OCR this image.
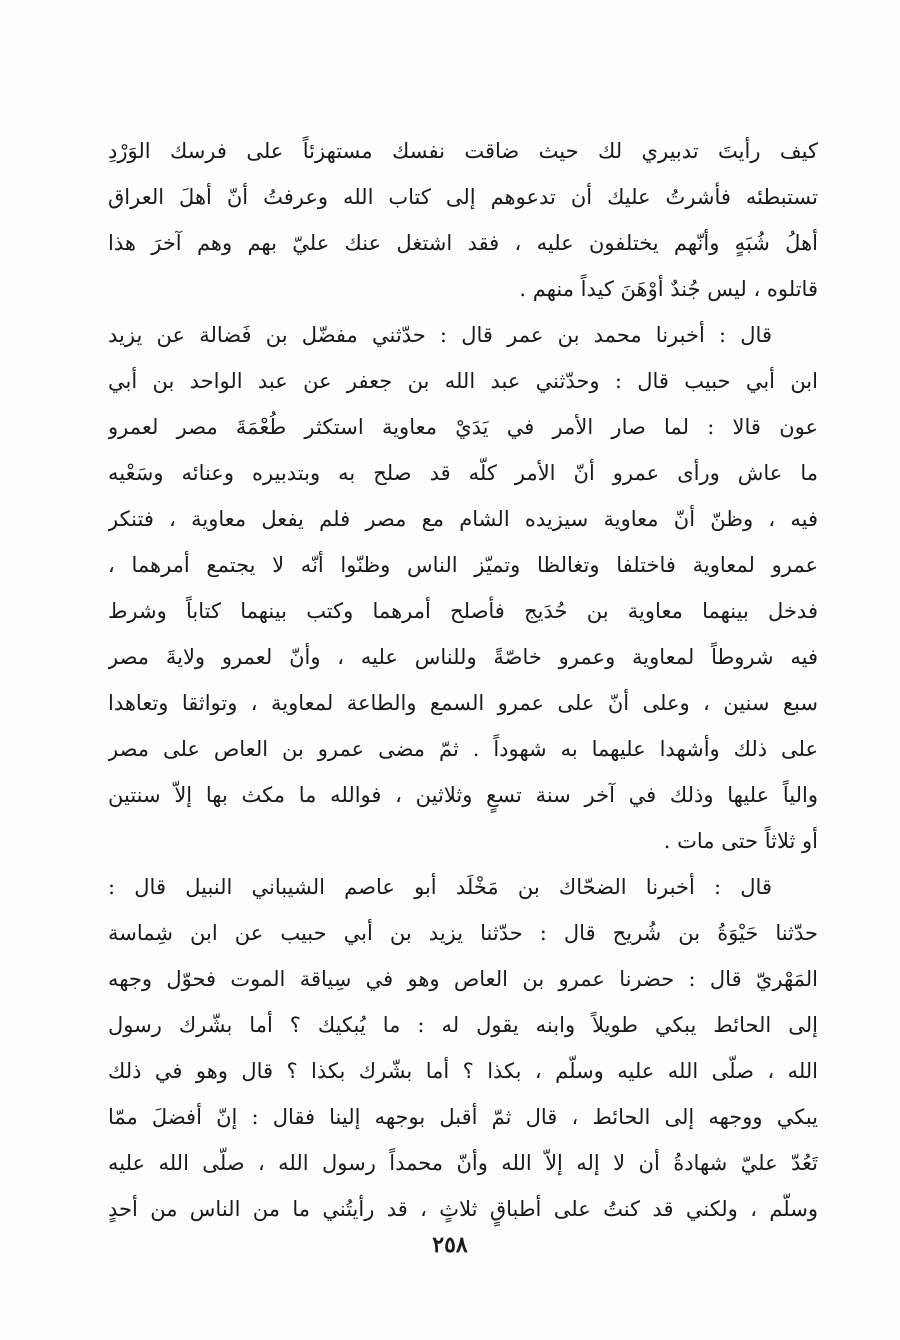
كيف رأيتَ تدبيري لك حيث ضاقت نفسك مستهزئاً على فرسك الوَرْدِ
تستبطئه فأشرتُ عليك أن تدعوهم إلى كتاب الله وعرفتُ أنّ أهلَ العراق
أهلُ شُبَهٍ وأنّهم يختلفون عليه ، فقد اشتغل عنك عليّ بهم وهم آخرَ هذا
قاتلوه ، ليس جُندٌ أوْهَنَ كيداً منهم .
قال : أخبرنا محمد بن عمر قال : حدّثني مفضّل بن فَضالة عن يزيد
ابن أبي حبيب قال : وحدّثني عبد الله بن جعفر عن عبد الواحد بن أبي
عون قالا : لما صار الأمر في يَدَيْ معاوية استكثر طُعْمَةَ مصر لعمرو
ما عاش ورأى عمرو أنّ الأمر كلّه قد صلح به وبتدبيره وعنائه وسَعْيه
فيه ، وظنّ أنّ معاوية سيزيده الشام مع مصر فلم يفعل معاوية ، فتنكر
عمرو لمعاوية فاختلفا وتغالظا وتميّز الناس وظنّوا أنّه لا يجتمع أمرهما ،
فدخل بينهما معاوية بن حُدَيج فأصلح أمرهما وكتب بينهما كتاباً وشرط
فيه شروطاً لمعاوية وعمرو خاصّةً وللناس عليه ، وأنّ لعمرو ولايةَ مصر
سبع سنين ، وعلى أنّ على عمرو السمع والطاعة لمعاوية ، وتواثقا وتعاهدا
على ذلك وأشهدا عليهما به شهوداً . ثمّ مضى عمرو بن العاص على مصر
والياً عليها وذلك في آخر سنة تسعٍ وثلاثين ، فوالله ما مكث بها إلاّ سنتين
أو ثلاثاً حتى مات .
قال : أخبرنا الضحّاك بن مَخْلَد أبو عاصم الشيباني النبيل قال :
حدّثنا حَيْوَةُ بن شُريح قال : حدّثنا يزيد بن أبي حبيب عن ابن شِماسة
المَهْريّ قال : حضرنا عمرو بن العاص وهو في سِياقة الموت فحوّل وجهه
إلى الحائط يبكي طويلاً وابنه يقول له : ما يُبكيك ؟ أما بشّرك رسول
الله ، صلّى الله عليه وسلّم ، بكذا ؟ أما بشّرك بكذا ؟ قال وهو في ذلك
يبكي ووجهه إلى الحائط ، قال ثمّ أقبل بوجهه إلينا فقال : إنّ أفضلَ ممّا
تَعُدّ عليّ شهادةُ أن لا إله إلاّ الله وأنّ محمداً رسول الله ، صلّى الله عليه
وسلّم ، ولكني قد كنتُ على أطباقٍ ثلاثٍ ، قد رأيتُني ما من الناس من أحدٍ
٢٥٨
